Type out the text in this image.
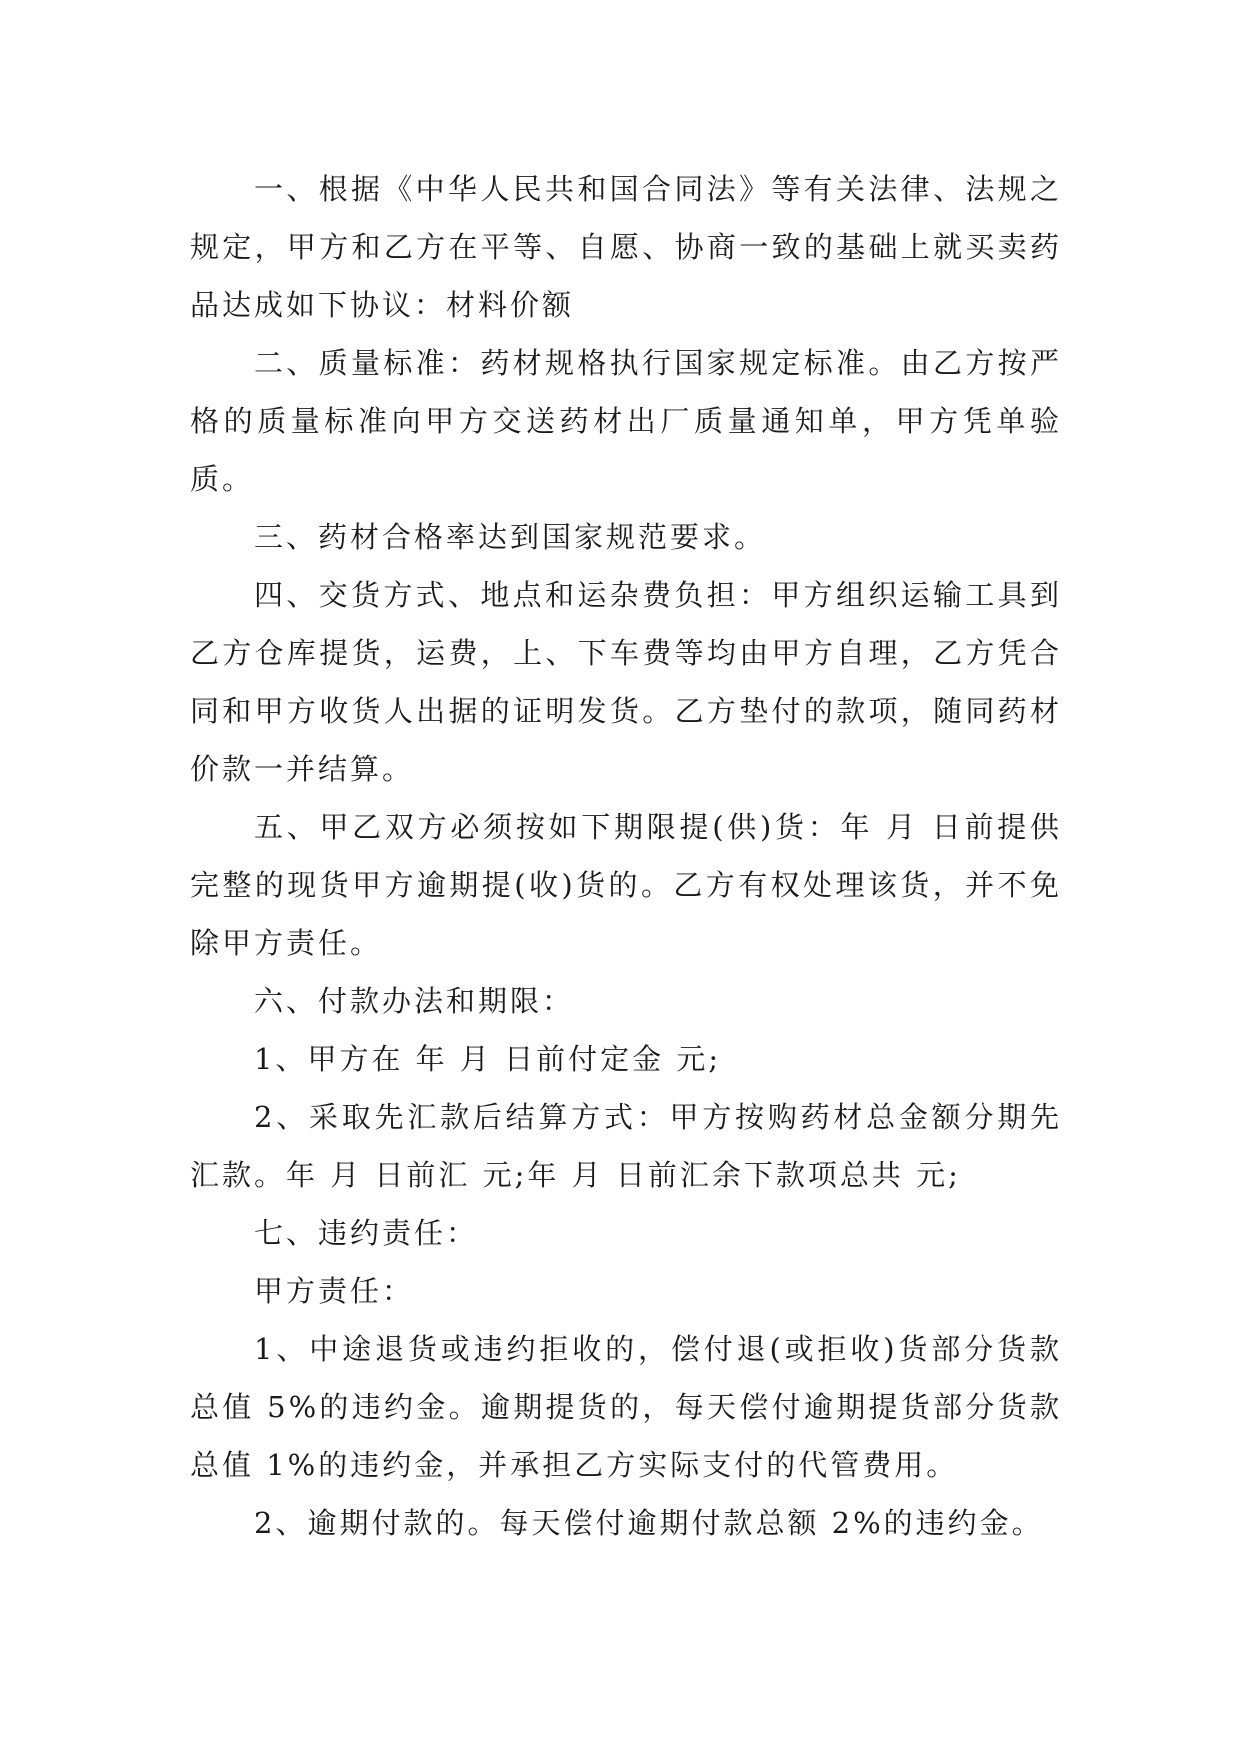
一、根据《中华人民共和国合同法》等有关法律、法规之规定，甲方和乙方在平等、自愿、协商一致的基础上就买卖药品达成如下协议：材料价额

二、质量标准：药材规格执行国家规定标准。由乙方按严格的质量标准向甲方交送药材出厂质量通知单，甲方凭单验质。

三、药材合格率达到国家规范要求。

四、交货方式、地点和运杂费负担：甲方组织运输工具到乙方仓库提货，运费，上、下车费等均由甲方自理，乙方凭合同和甲方收货人出据的证明发货。乙方垫付的款项，随同药材价款一并结算。

五、甲乙双方必须按如下期限提(供)货：年 月 日前提供完整的现货甲方逾期提(收)货的。乙方有权处理该货，并不免除甲方责任。

六、付款办法和期限：

1、甲方在 年 月 日前付定金 元;

2、采取先汇款后结算方式：甲方按购药材总金额分期先汇款。年 月 日前汇 元;年 月 日前汇余下款项总共 元;

七、违约责任：

甲方责任：

1、中途退货或违约拒收的，偿付退(或拒收)货部分货款总值 5%的违约金。逾期提货的，每天偿付逾期提货部分货款总值 1%的违约金，并承担乙方实际支付的代管费用。

2、逾期付款的。每天偿付逾期付款总额 2%的违约金。
